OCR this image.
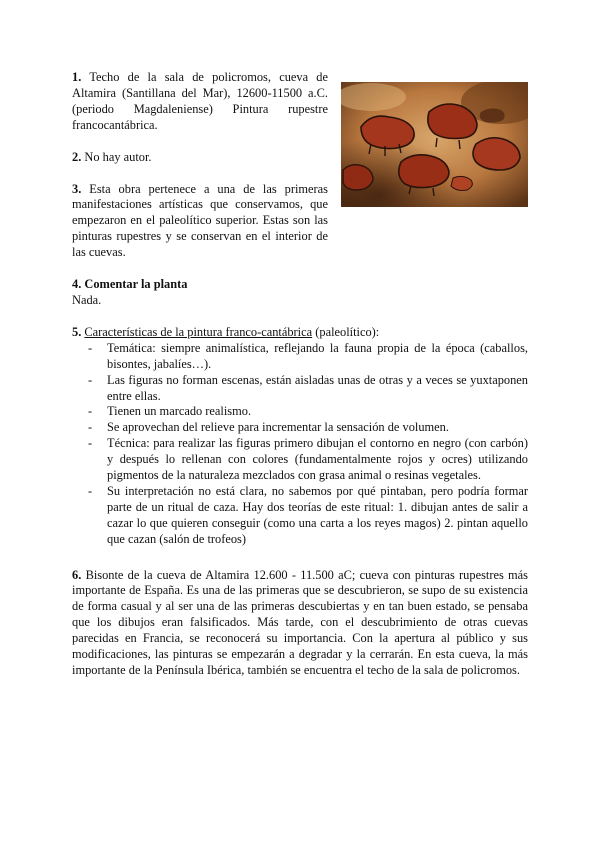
1. Techo de la sala de policromos, cueva de Altamira (Santillana del Mar), 12600-11500 a.C. (periodo Magdaleniense) Pintura rupestre francocantábrica.

2. No hay autor.

3. Esta obra pertenece a una de las primeras manifestaciones artísticas que conservamos, que empezaron en el paleolítico superior. Estas son las pinturas rupestres y se conservan en el interior de las cuevas.

4. Comentar la planta

Nada.

5. Características de la pintura franco-cantábrica (paleolítico):

- Temática: siempre animalística, reflejando la fauna propia de la época (caballos, bisontes, jabalíes…).
- Las figuras no forman escenas, están aisladas unas de otras y a veces se yuxtaponen entre ellas.
- Tienen un marcado realismo.
- Se aprovechan del relieve para incrementar la sensación de volumen.
- Técnica: para realizar las figuras primero dibujan el contorno en negro (con carbón) y después lo rellenan con colores (fundamentalmente rojos y ocres) utilizando pigmentos de la naturaleza mezclados con grasa animal o resinas vegetales.
- Su interpretación no está clara, no sabemos por qué pintaban, pero podría formar parte de un ritual de caza. Hay dos teorías de este ritual: 1. dibujan antes de salir a cazar lo que quieren conseguir (como una carta a los reyes magos) 2. pintan aquello que cazan (salón de trofeos)

6. Bisonte de la cueva de Altamira 12.600 - 11.500 aC; cueva con pinturas rupestres más importante de España. Es una de las primeras que se descubrieron, se supo de su existencia de forma casual y al ser una de las primeras descubiertas y en tan buen estado, se pensaba que los dibujos eran falsificados. Más tarde, con el descubrimiento de otras cuevas parecidas en Francia, se reconocerá su importancia. Con la apertura al público y sus modificaciones, las pinturas se empezarán a degradar y la cerrarán. En esta cueva, la más importante de la Península Ibérica, también se encuentra el techo de la sala de policromos.
